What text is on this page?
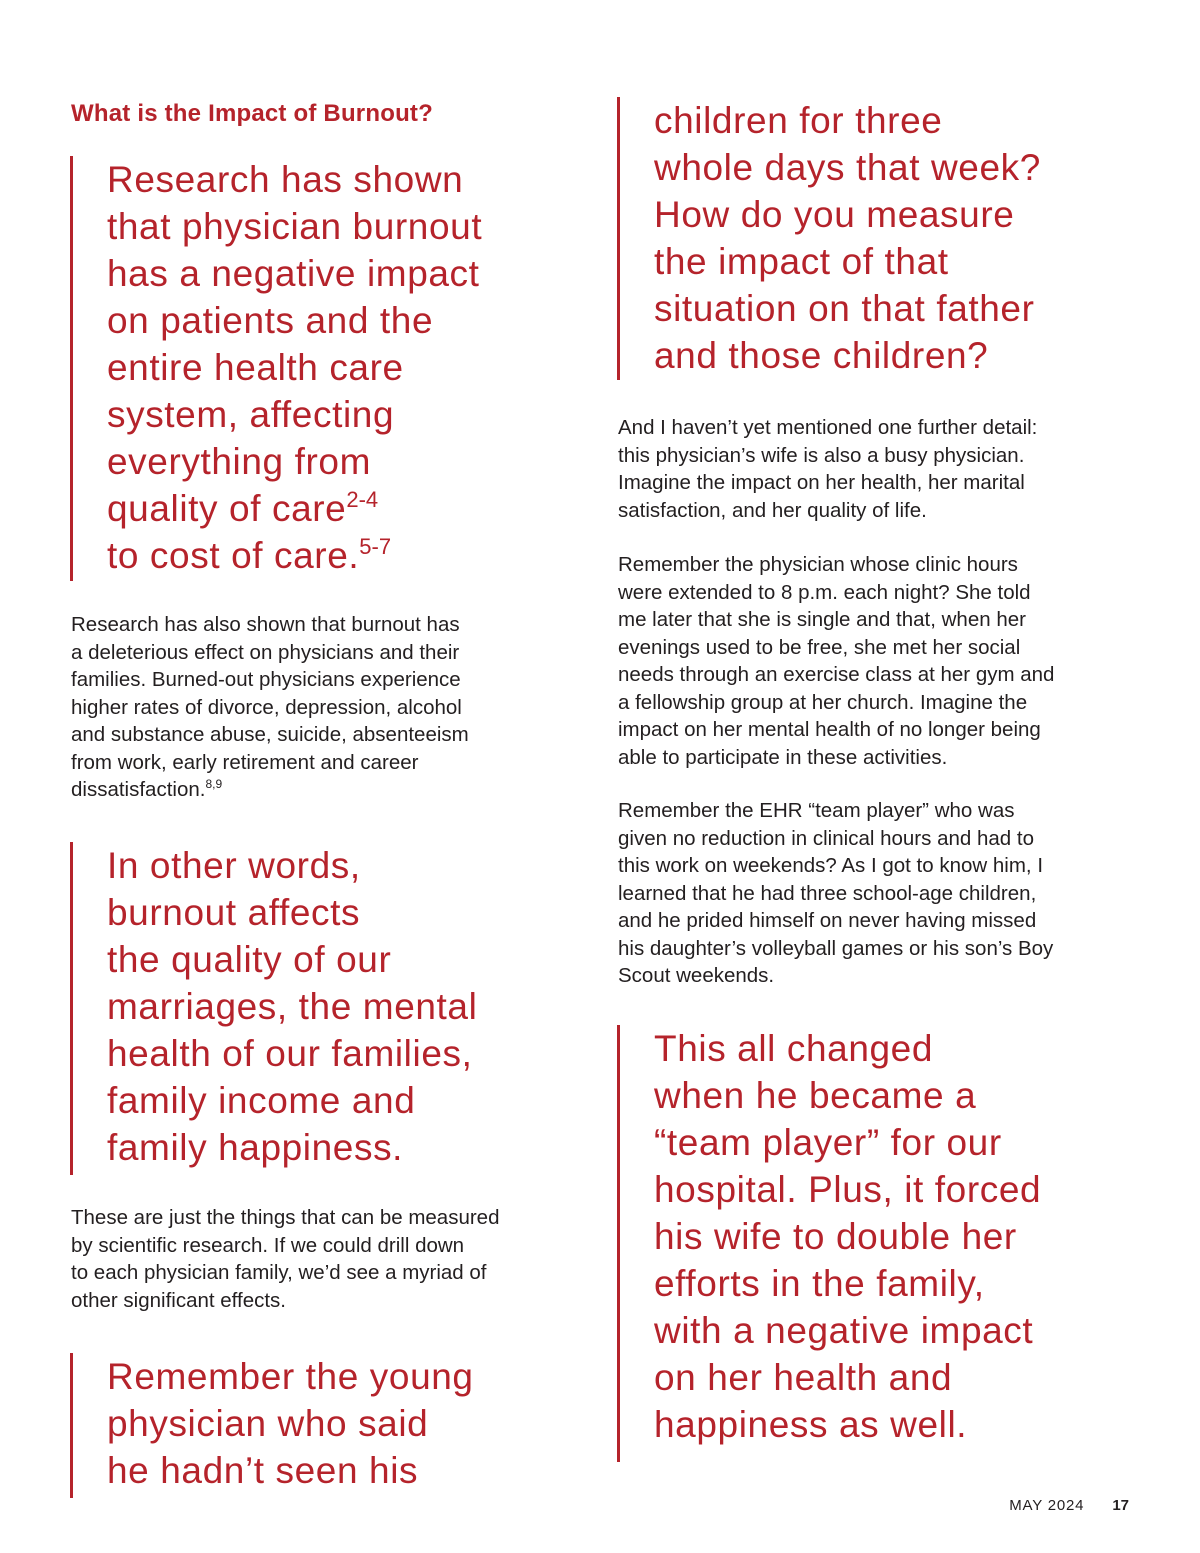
What is the Impact of Burnout?
Research has shown
that physician burnout
has a negative impact
on patients and the
entire health care
system, affecting
everything from
quality of care$^{2-4}$
to cost of care.$^{5-7}$
Research has also shown that burnout has
a deleterious effect on physicians and their
families. Burned-out physicians experience
higher rates of divorce, depression, alcohol
and substance abuse, suicide, absenteeism
from work, early retirement and career
dissatisfaction.$^{8,9}$
In other words,
burnout affects
the quality of our
marriages, the mental
health of our families,
family income and
family happiness.
These are just the things that can be measured
by scientific research. If we could drill down
to each physician family, we’d see a myriad of
other significant effects.
Remember the young
physician who said
he hadn’t seen his
children for three
whole days that week?
How do you measure
the impact of that
situation on that father
and those children?
And I haven’t yet mentioned one further detail:
this physician’s wife is also a busy physician.
Imagine the impact on her health, her marital
satisfaction, and her quality of life.
Remember the physician whose clinic hours
were extended to 8 p.m. each night? She told
me later that she is single and that, when her
evenings used to be free, she met her social
needs through an exercise class at her gym and
a fellowship group at her church. Imagine the
impact on her mental health of no longer being
able to participate in these activities.
Remember the EHR “team player” who was
given no reduction in clinical hours and had to
this work on weekends? As I got to know him, I
learned that he had three school-age children,
and he prided himself on never having missed
his daughter’s volleyball games or his son’s Boy
Scout weekends.
This all changed
when he became a
“team player” for our
hospital. Plus, it forced
his wife to double her
efforts in the family,
with a negative impact
on her health and
happiness as well.
MAY 2024 17
